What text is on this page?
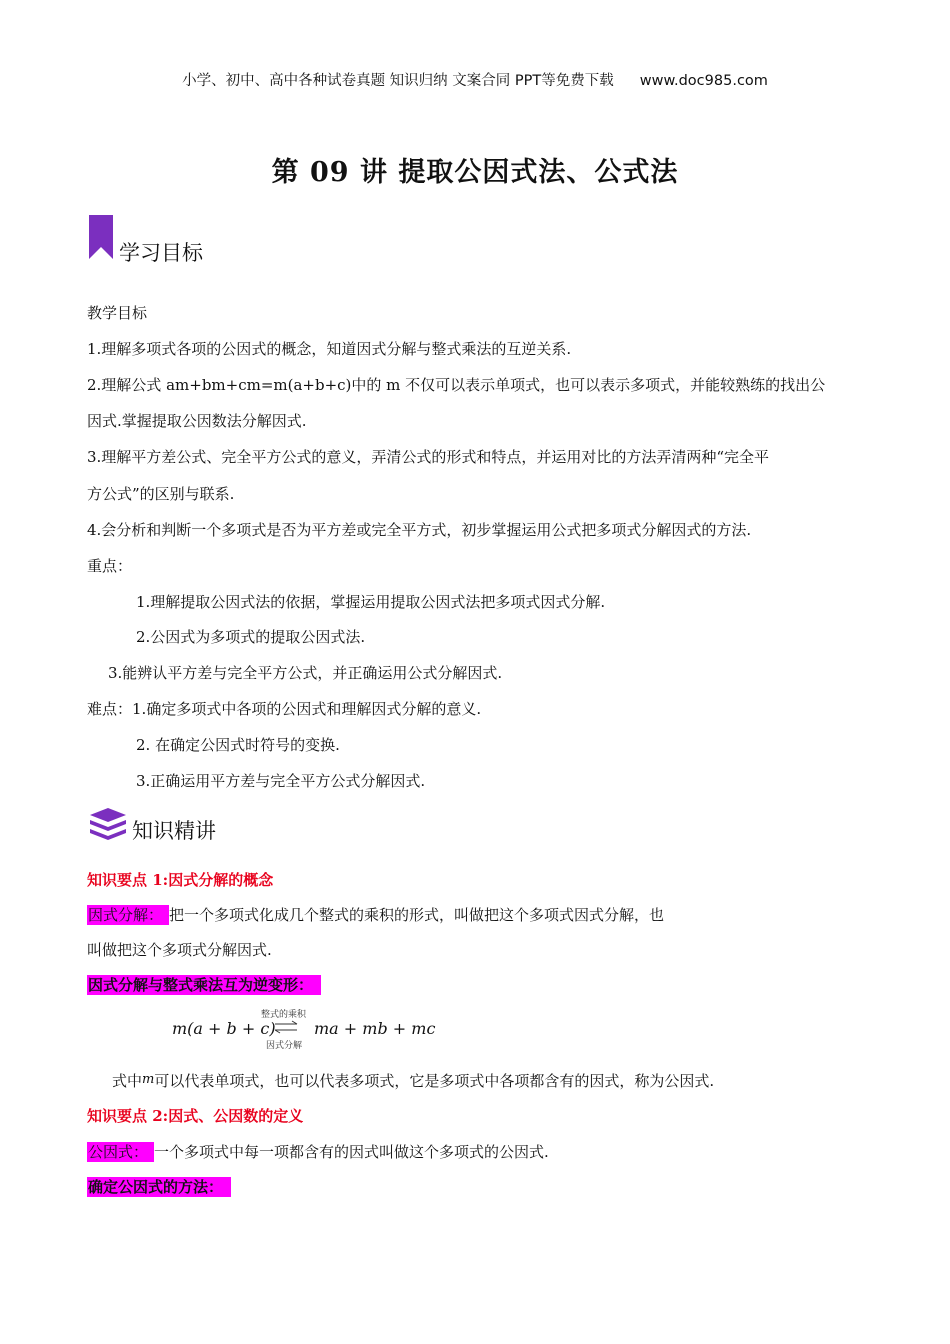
小学、初中、高中各种试卷真题 知识归纳 文案合同 PPT等免费下载 www.doc985.com
第 09 讲 提取公因式法、公式法
学习目标
教学目标
1.理解多项式各项的公因式的概念，知道因式分解与整式乘法的互逆关系.
2.理解公式 am+bm+cm=m(a+b+c)中的 m 不仅可以表示单项式，也可以表示多项式，并能较熟练的找出公
因式.掌握提取公因数法分解因式.
3.理解平方差公式、完全平方公式的意义，弄清公式的形式和特点，并运用对比的方法弄清两种“完全平
方公式”的区别与联系.
4.会分析和判断一个多项式是否为平方差或完全平方式，初步掌握运用公式把多项式分解因式的方法.
重点：
1.理解提取公因式法的依据，掌握运用提取公因式法把多项式因式分解.
2.公因式为多项式的提取公因式法.
3.能辨认平方差与完全平方公式，并正确运用公式分解因式.
难点：1.确定多项式中各项的公因式和理解因式分解的意义.
2. 在确定公因式时符号的变换.
3.正确运用平方差与完全平方公式分解因式.
知识精讲
知识要点 1:因式分解的概念
因式分解： 把一个多项式化成几个整式的乘积的形式，叫做把这个多项式因式分解，也
叫做把这个多项式分解因式.
因式分解与整式乘法互为逆变形：
m(a + b + c)
整式的乘积
因式分解
ma + mb + mc
式中m可以代表单项式，也可以代表多项式，它是多项式中各项都含有的因式，称为公因式.
知识要点 2:因式、公因数的定义
公因式： 一个多项式中每一项都含有的因式叫做这个多项式的公因式.
确定公因式的方法：
